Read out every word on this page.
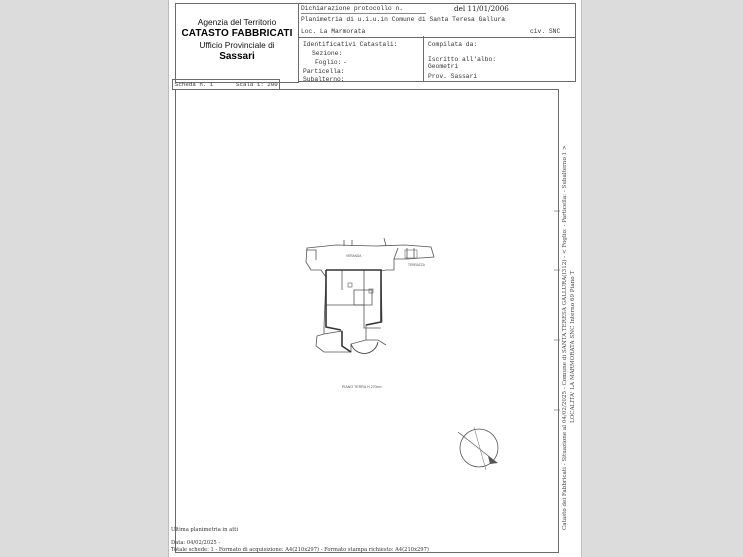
Agenzia del Territorio
CATASTO FABBRICATI
Ufficio Provinciale di
Sassari
Dichiarazione protocollo n.	del 11/01/2006
Planimetria di u.i.u.in Comune di Santa Teresa Gallura
Loc. La Marmorata	civ. SNC
Identificativi Catastali:
Sezione:
Foglio: -
Particella:
Subalterno:
Compilata da:
Iscritto all'albo:
Geometri
Prov. Sassari
Scheda n. 1	Scala 1: 200
VERANDA
TERRAZZA
PIANO TERRA H 270cm
Ultima planimetria in atti
Data: 04/02/2025 -
Totale schede: 1 - Formato di acquisizione: A4(210x297) - Formato stampa richiesto: A4(210x297)
Catasto dei Fabbricati - Situazione al 04/02/2025 - Comune di SANTA TERESA GALLURA(I312) - < Foglio: - Particella: - Subalterno 1 > LOCALITA' LA MARMORATA SNC Interno 69 Piano T
